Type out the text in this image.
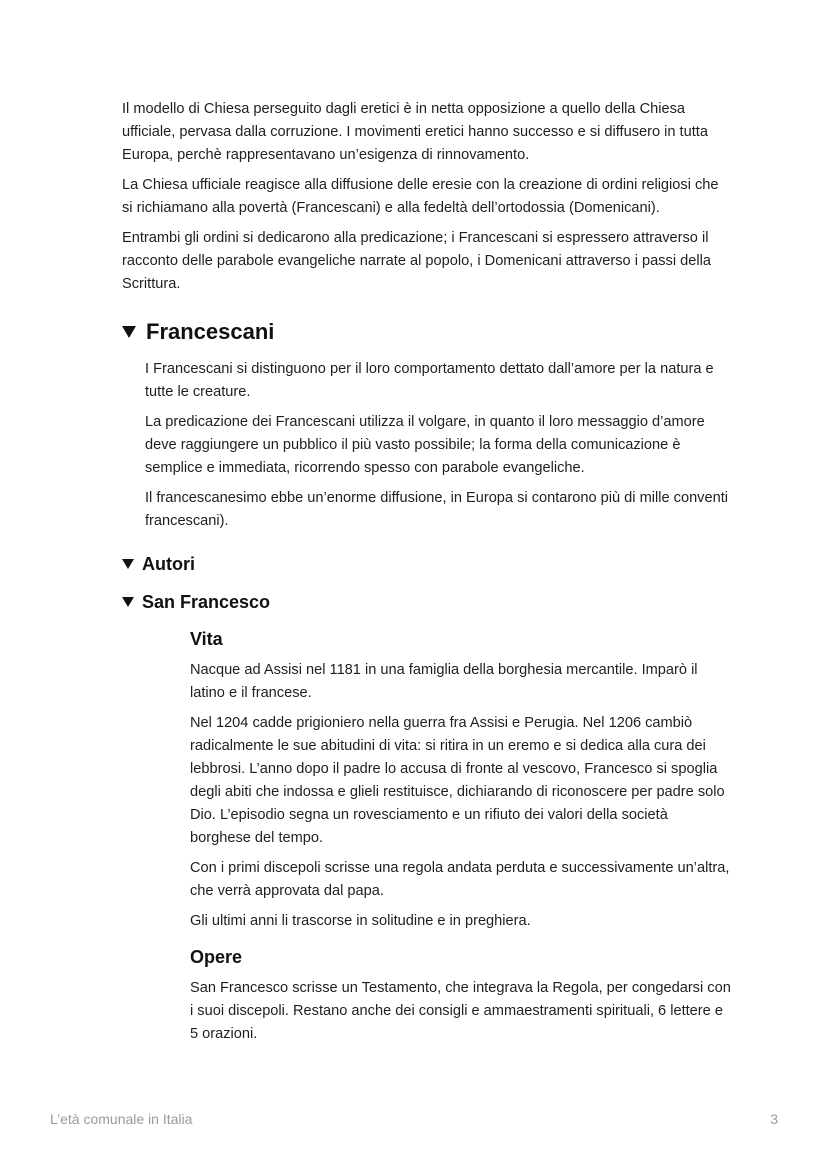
Il modello di Chiesa perseguito dagli eretici è in netta opposizione a quello della Chiesa ufficiale, pervasa dalla corruzione. I movimenti eretici hanno successo e si diffusero in tutta Europa, perchè rappresentavano un’esigenza di rinnovamento.

La Chiesa ufficiale reagisce alla diffusione delle eresie con la creazione di ordini religiosi che si richiamano alla povertà (Francescani) e alla fedeltà dell’ortodossia (Domenicani).

Entrambi gli ordini si dedicarono alla predicazione; i Francescani si espressero attraverso il racconto delle parabole evangeliche narrate al popolo, i Domenicani attraverso i passi della Scrittura.

Francescani

I Francescani si distinguono per il loro comportamento dettato dall’amore per la natura e tutte le creature.

La predicazione dei Francescani utilizza il volgare, in quanto il loro messaggio d’amore deve raggiungere un pubblico il più vasto possibile; la forma della comunicazione è semplice e immediata, ricorrendo spesso con parabole evangeliche.

Il francescanesimo ebbe un’enorme diffusione, in Europa si contarono più di mille conventi francescani).

Autori
San Francesco
Vita

Nacque ad Assisi nel 1181 in una famiglia della borghesia mercantile. Imparò il latino e il francese.

Nel 1204 cadde prigioniero nella guerra fra Assisi e Perugia. Nel 1206 cambiò radicalmente le sue abitudini di vita: si ritira in un eremo e si dedica alla cura dei lebbrosi. L’anno dopo il padre lo accusa di fronte al vescovo, Francesco si spoglia degli abiti che indossa e glieli restituisce, dichiarando di riconoscere per padre solo Dio. L’episodio segna un rovesciamento e un rifiuto dei valori della società borghese del tempo.

Con i primi discepoli scrisse una regola andata perduta e successivamente un’altra, che verrà approvata dal papa.

Gli ultimi anni li trascorse in solitudine e in preghiera.

Opere

San Francesco scrisse un Testamento, che integrava la Regola, per congedarsi con i suoi discepoli. Restano anche dei consigli e ammaestramenti spirituali, 6 lettere e 5 orazioni.

L’età comunale in Italia	3
